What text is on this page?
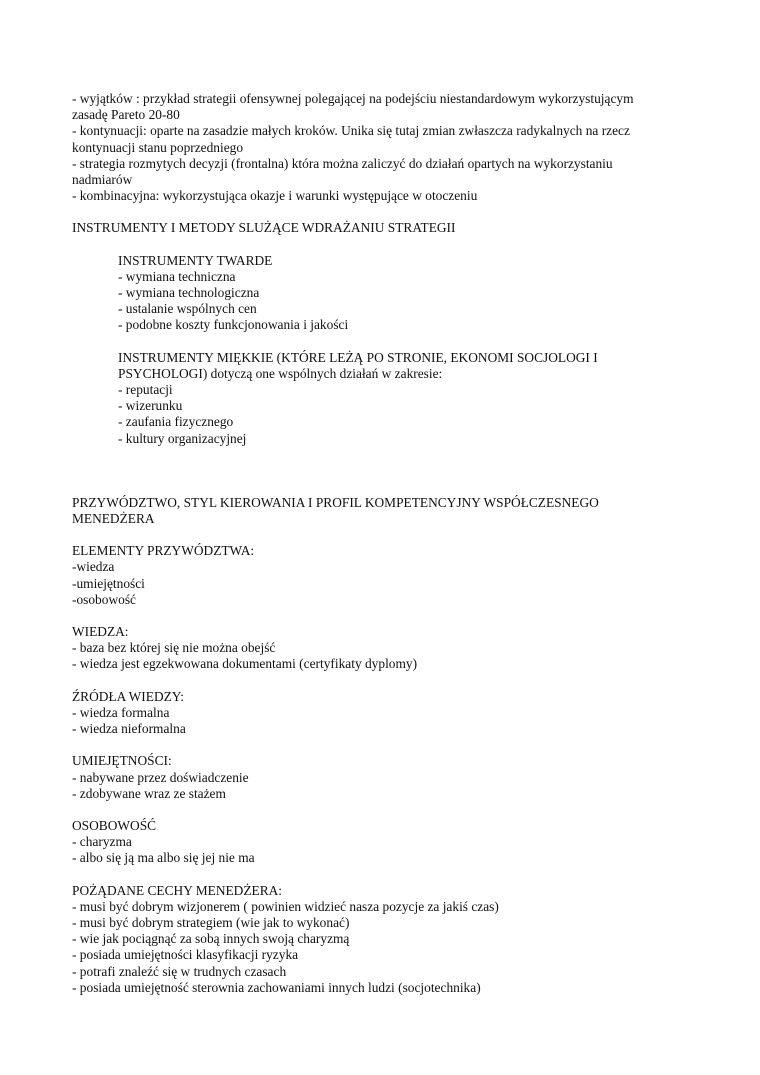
- wyjątków : przykład strategii ofensywnej polegającej na podejściu niestandardowym wykorzystującym
zasadę Pareto 20-80
- kontynuacji: oparte na zasadzie małych kroków. Unika się tutaj zmian zwłaszcza radykalnych na rzecz
kontynuacji stanu poprzedniego
- strategia rozmytych decyzji (frontalna) która można zaliczyć do działań opartych na wykorzystaniu
nadmiarów
- kombinacyjna: wykorzystująca okazje i warunki występujące w otoczeniu
INSTRUMENTY I METODY SLUŻĄCE WDRAŻANIU STRATEGII
INSTRUMENTY TWARDE
- wymiana techniczna
- wymiana technologiczna
- ustalanie wspólnych cen
- podobne koszty funkcjonowania i jakości
INSTRUMENTY MIĘKKIE (KTÓRE LEŻĄ PO STRONIE, EKONOMI SOCJOLOGI I
PSYCHOLOGI) dotyczą one wspólnych działań w zakresie:
- reputacji
- wizerunku
- zaufania fizycznego
- kultury organizacyjnej
PRZYWÓDZTWO, STYL KIEROWANIA I PROFIL KOMPETENCYJNY WSPÓŁCZESNEGO
MENEDŻERA
ELEMENTY PRZYWÓDZTWA:
-wiedza
-umiejętności
-osobowość
WIEDZA:
- baza bez której się nie można obejść
- wiedza jest egzekwowana dokumentami (certyfikaty dyplomy)
ŹRÓDŁA WIEDZY:
- wiedza formalna
- wiedza nieformalna
UMIEJĘTNOŚCI:
- nabywane przez doświadczenie
- zdobywane wraz ze stażem
OSOBOWOŚĆ
- charyzma
- albo się ją ma albo się jej nie ma
POŻĄDANE CECHY MENEDŻERA:
- musi być dobrym wizjonerem ( powinien widzieć nasza pozycje za jakiś czas)
- musi być dobrym strategiem (wie jak to wykonać)
- wie jak pociągnąć za sobą innych swoją charyzmą
- posiada umiejętności klasyfikacji ryzyka
- potrafi znaleźć się w trudnych czasach
- posiada umiejętność sterownia zachowaniami innych ludzi (socjotechnika)
